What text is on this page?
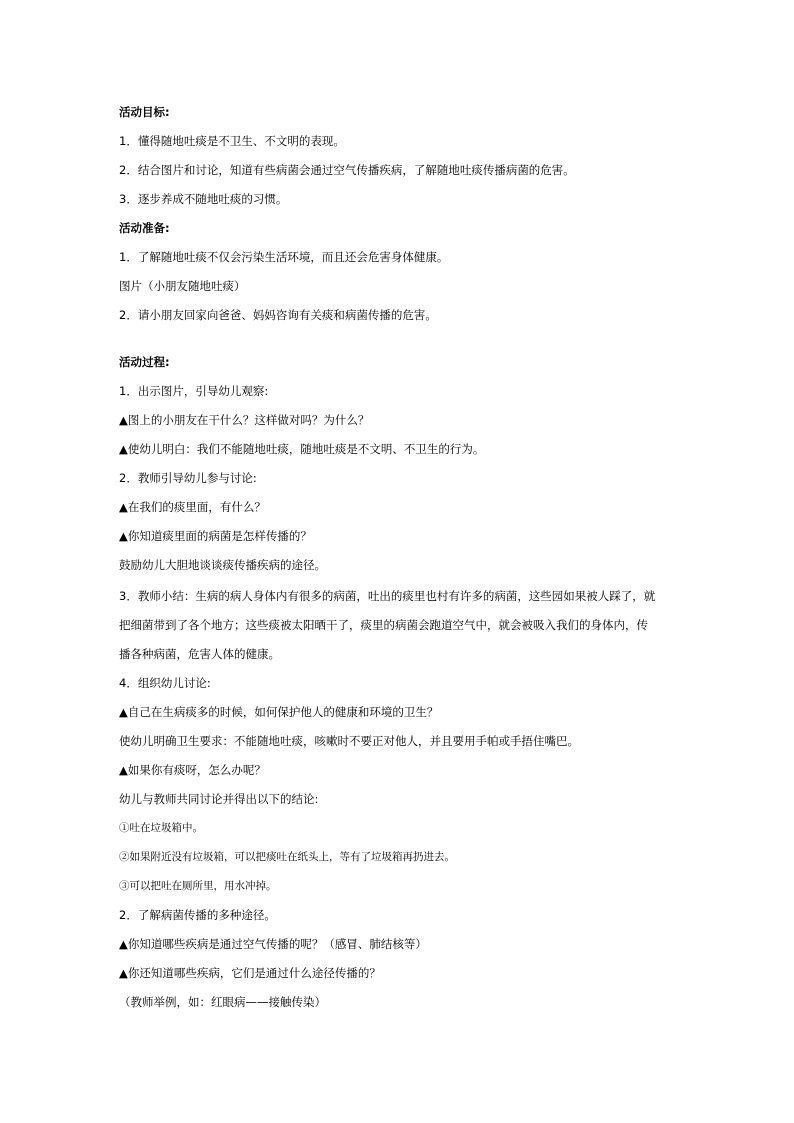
活动目标:
1．懂得随地吐痰是不卫生、不文明的表现。
2．结合图片和讨论，知道有些病菌会通过空气传播疾病，了解随地吐痰传播病菌的危害。
3．逐步养成不随地吐痰的习惯。
活动准备:
1．了解随地吐痰不仅会污染生活环境，而且还会危害身体健康。
图片（小朋友随地吐痰）
2．请小朋友回家向爸爸、妈妈咨询有关痰和病菌传播的危害。
活动过程:
1．出示图片，引导幼儿观察:
▲图上的小朋友在干什么？这样做对吗？为什么？
▲使幼儿明白：我们不能随地吐痰，随地吐痰是不文明、不卫生的行为。
2．教师引导幼儿参与讨论:
▲在我们的痰里面，有什么？
▲你知道痰里面的病菌是怎样传播的？
鼓励幼儿大胆地谈谈痰传播疾病的途径。
3．教师小结：生病的病人身体内有很多的病菌，吐出的痰里也村有许多的病菌，这些园如果被人踩了，就
把细菌带到了各个地方；这些痰被太阳晒干了，痰里的病菌会跑道空气中，就会被吸入我们的身体内，传
播各种病菌，危害人体的健康。
4．组织幼儿讨论:
▲自己在生病痰多的时候，如何保护他人的健康和环境的卫生？
使幼儿明确卫生要求：不能随地吐痰，咳嗽时不要正对他人，并且要用手帕或手捂住嘴巴。
▲如果你有痰呀，怎么办呢？
幼儿与教师共同讨论并得出以下的结论:
①吐在垃圾箱中。
②如果附近没有垃圾箱，可以把痰吐在纸头上，等有了垃圾箱再扔进去。
③可以把吐在厕所里，用水冲掉。
2．了解病菌传播的多种途径。
▲你知道哪些疾病是通过空气传播的呢？（感冒、肺结核等）
▲你还知道哪些疾病，它们是通过什么途径传播的？
（教师举例，如：红眼病——接触传染）
